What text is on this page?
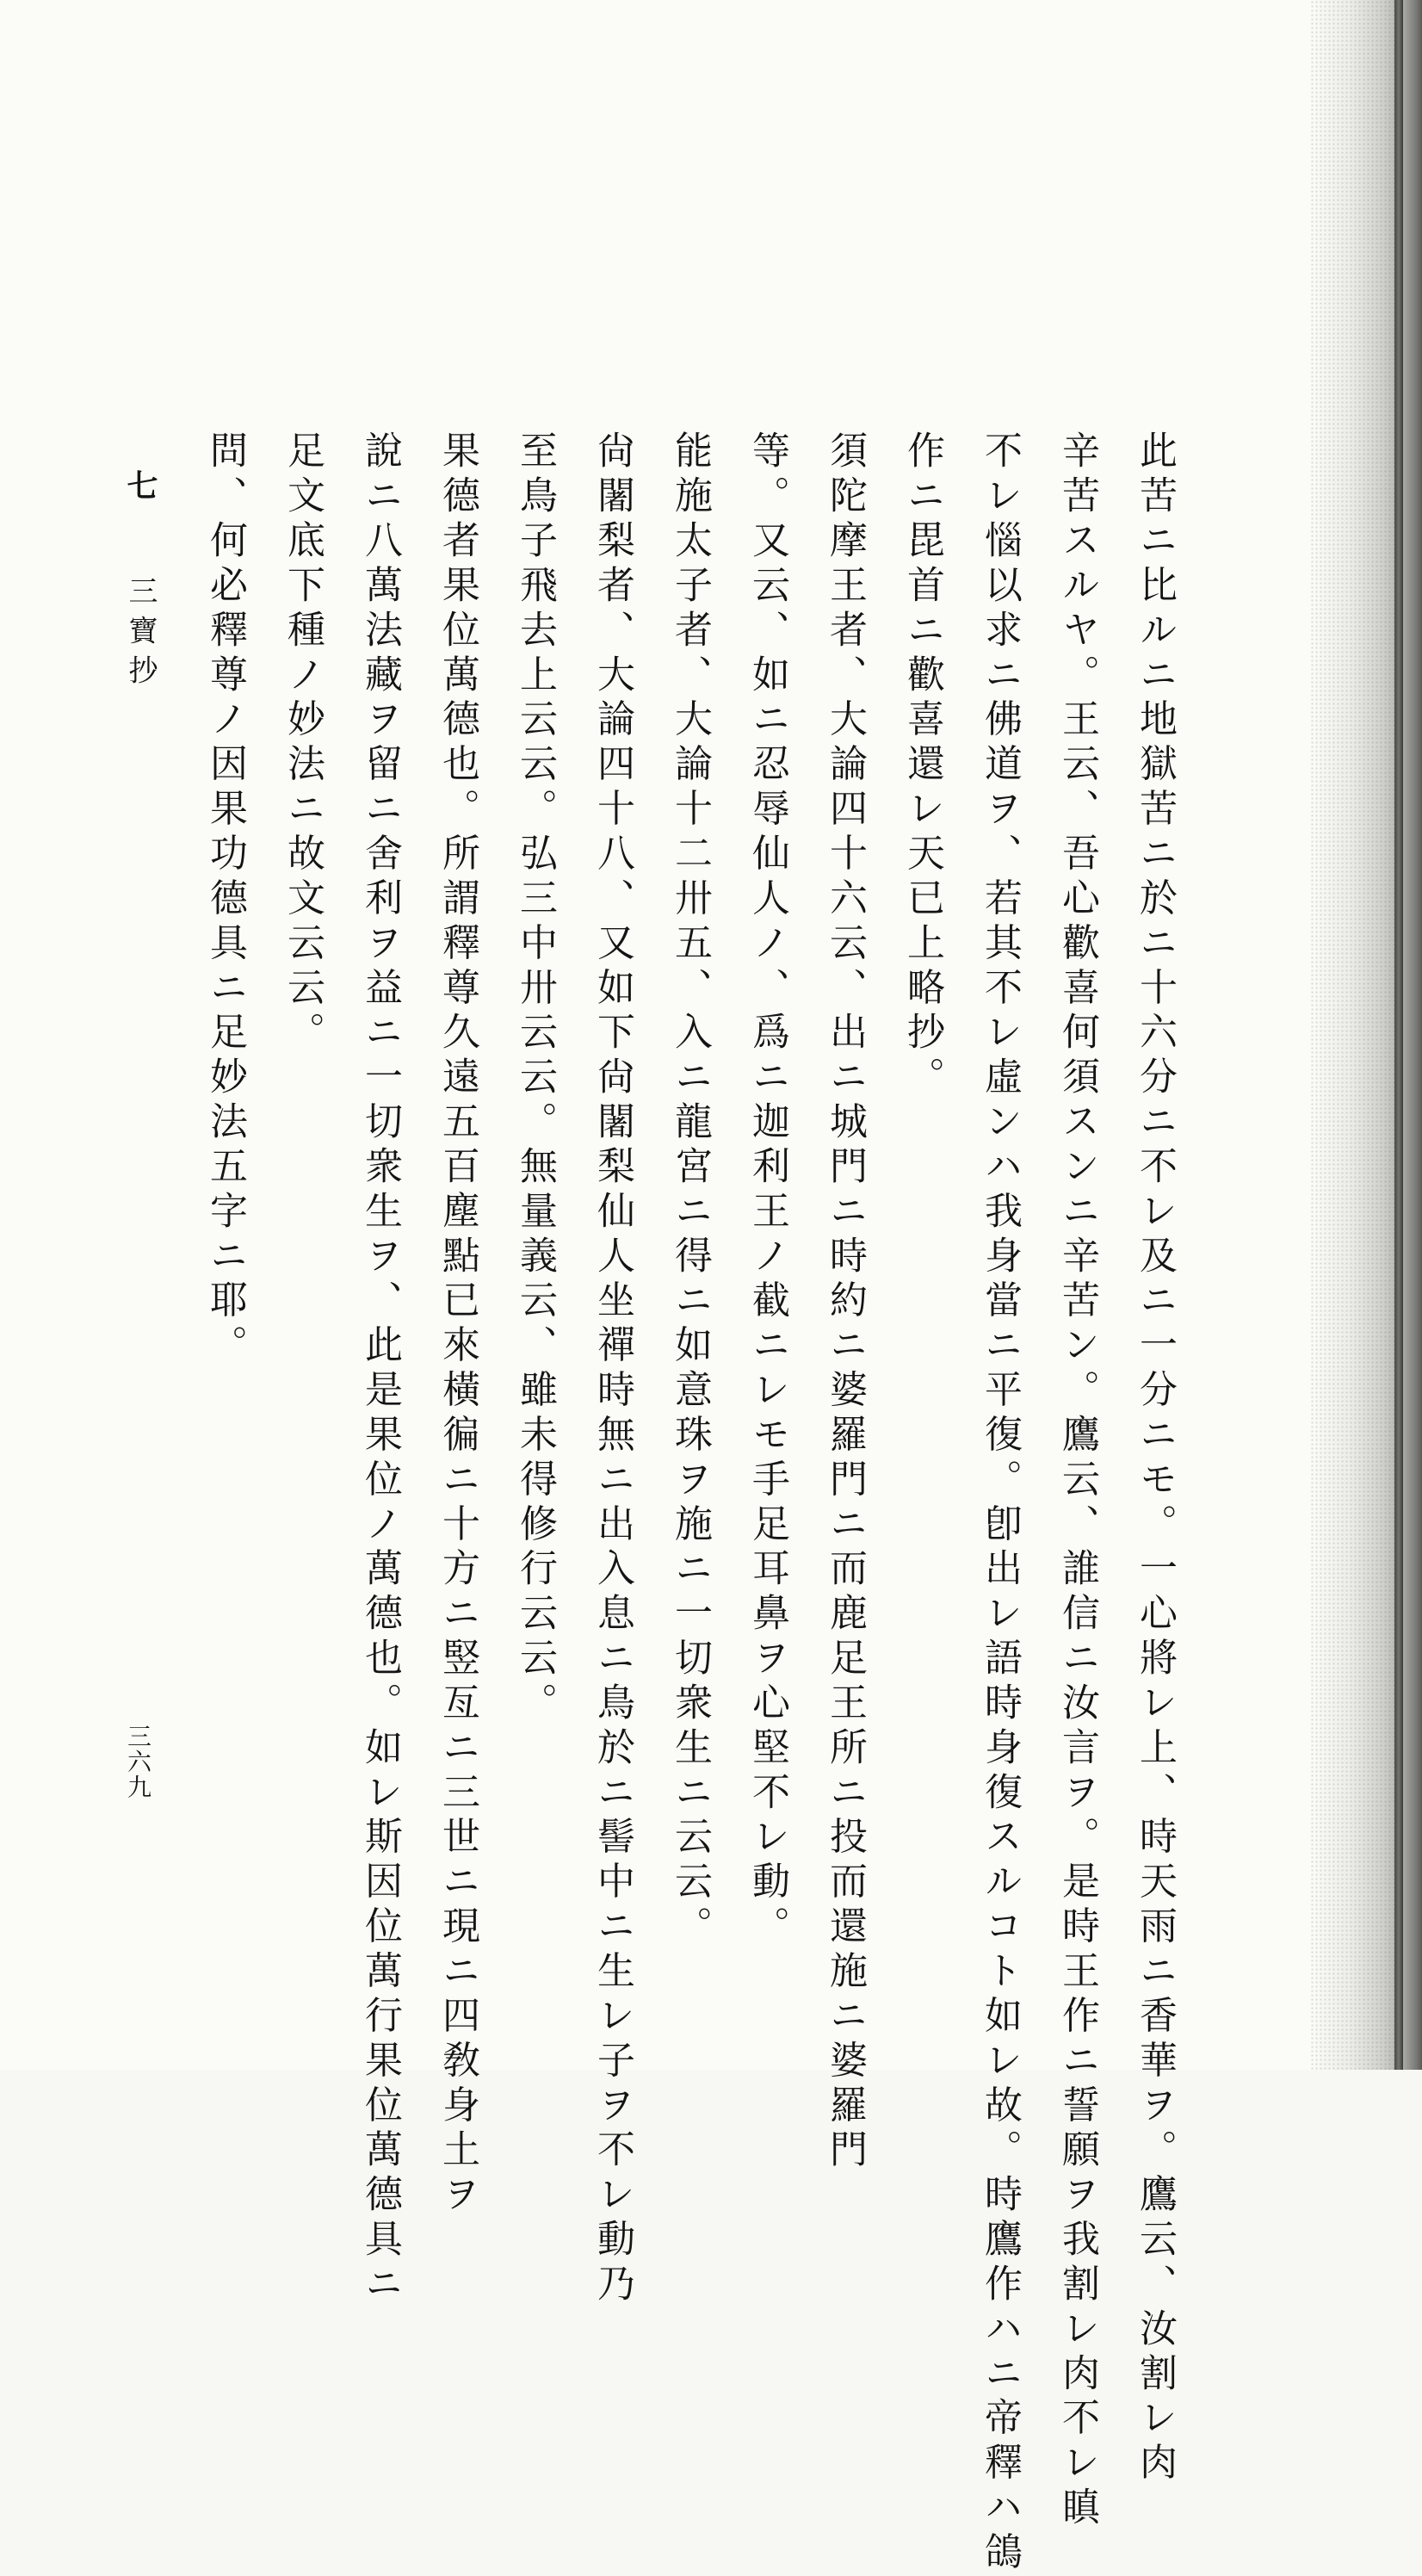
此苦ニ比ルニ地獄苦ニ於ニ十六分ニ不レ及ニ一分ニモ。一心將レ上、時天雨ニ香華ヲ。鷹云、汝割レ肉
辛苦スルヤ。王云、吾心歡喜何須スンニ辛苦ン。鷹云、誰信ニ汝言ヲ。是時王作ニ誓願ヲ我割レ肉不レ瞋
不レ惱以求ニ佛道ヲ、若其不レ虛ンハ我身當ニ平復。卽出レ語時身復スルコト如レ故。時鷹作ハニ帝釋ハ鴿
作ニ毘首ニ歡喜還レ天已上略抄。
須陀摩王者、大論四十六云、出ニ城門ニ時約ニ婆羅門ニ而鹿足王所ニ投而還施ニ婆羅門
等。又云、如ニ忍辱仙人ノ、爲ニ迦利王ノ截ニレモ手足耳鼻ヲ心堅不レ動。
能施太子者、大論十二卅五、入ニ龍宮ニ得ニ如意珠ヲ施ニ一切衆生ニ云云。
尙闍梨者、大論四十八、又如下尙闍梨仙人坐禪時無ニ出入息ニ鳥於ニ髻中ニ生レ子ヲ不レ動乃
至鳥子飛去上云云。弘三中卅云云。無量義云、雖未得修行云云。
果德者果位萬德也。所謂釋尊久遠五百塵點已來橫徧ニ十方ニ竪亙ニ三世ニ現ニ四敎身土ヲ
說ニ八萬法藏ヲ留ニ舍利ヲ益ニ一切衆生ヲ、此是果位ノ萬德也。如レ斯因位萬行果位萬德具ニ
足文底下種ノ妙法ニ故文云云。
問、何必釋尊ノ因果功德具ニ足妙法五字ニ耶。
七 三寶抄
三六九
